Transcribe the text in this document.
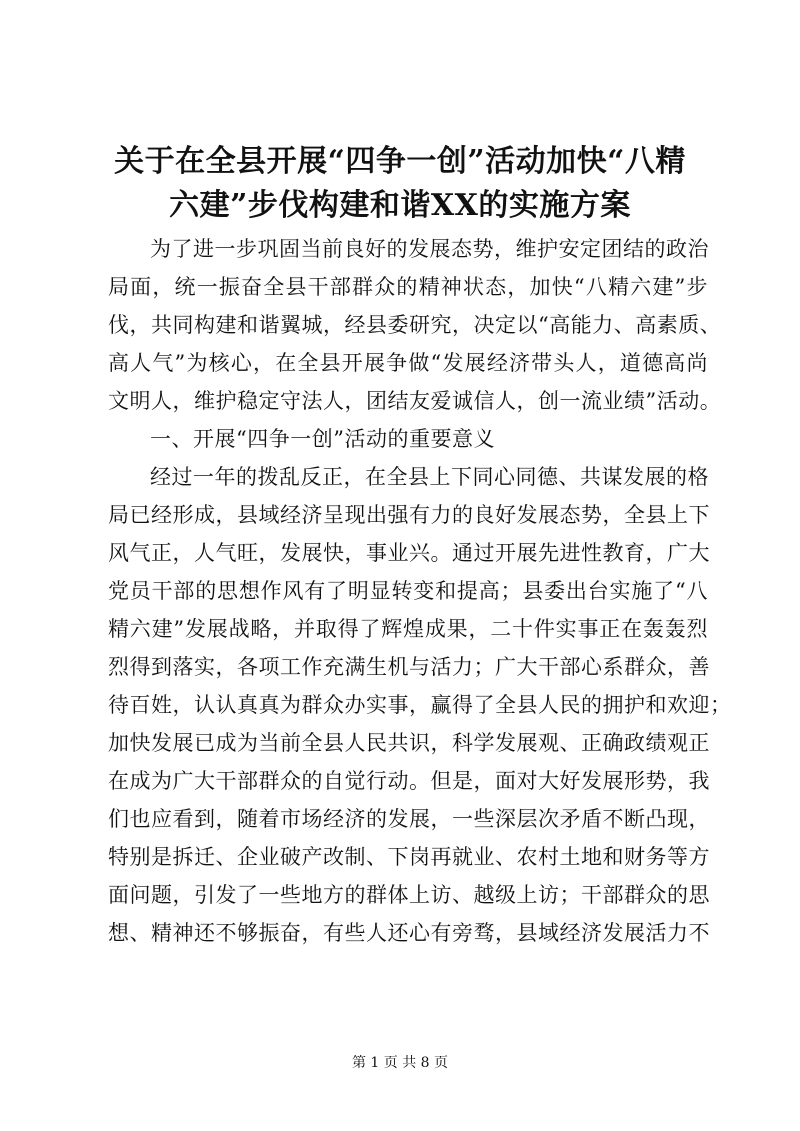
关于在全县开展“四争一创”活动加快“八精
六建”步伐构建和谐XX的实施方案
为了进一步巩固当前良好的发展态势，维护安定团结的政治
局面，统一振奋全县干部群众的精神状态，加快“八精六建”步
伐，共同构建和谐翼城，经县委研究，决定以“高能力、高素质、
高人气”为核心，在全县开展争做“发展经济带头人，道德高尚
文明人，维护稳定守法人，团结友爱诚信人，创一流业绩”活动。
一、开展“四争一创”活动的重要意义
经过一年的拨乱反正，在全县上下同心同德、共谋发展的格
局已经形成，县域经济呈现出强有力的良好发展态势，全县上下
风气正，人气旺，发展快，事业兴。通过开展先进性教育，广大
党员干部的思想作风有了明显转变和提高；县委出台实施了“八
精六建”发展战略，并取得了辉煌成果，二十件实事正在轰轰烈
烈得到落实，各项工作充满生机与活力；广大干部心系群众，善
待百姓，认认真真为群众办实事，赢得了全县人民的拥护和欢迎；
加快发展已成为当前全县人民共识，科学发展观、正确政绩观正
在成为广大干部群众的自觉行动。但是，面对大好发展形势，我
们也应看到，随着市场经济的发展，一些深层次矛盾不断凸现，
特别是拆迁、企业破产改制、下岗再就业、农村土地和财务等方
面问题，引发了一些地方的群体上访、越级上访；干部群众的思
想、精神还不够振奋，有些人还心有旁骛，县域经济发展活力不
第 1 页 共 8 页
